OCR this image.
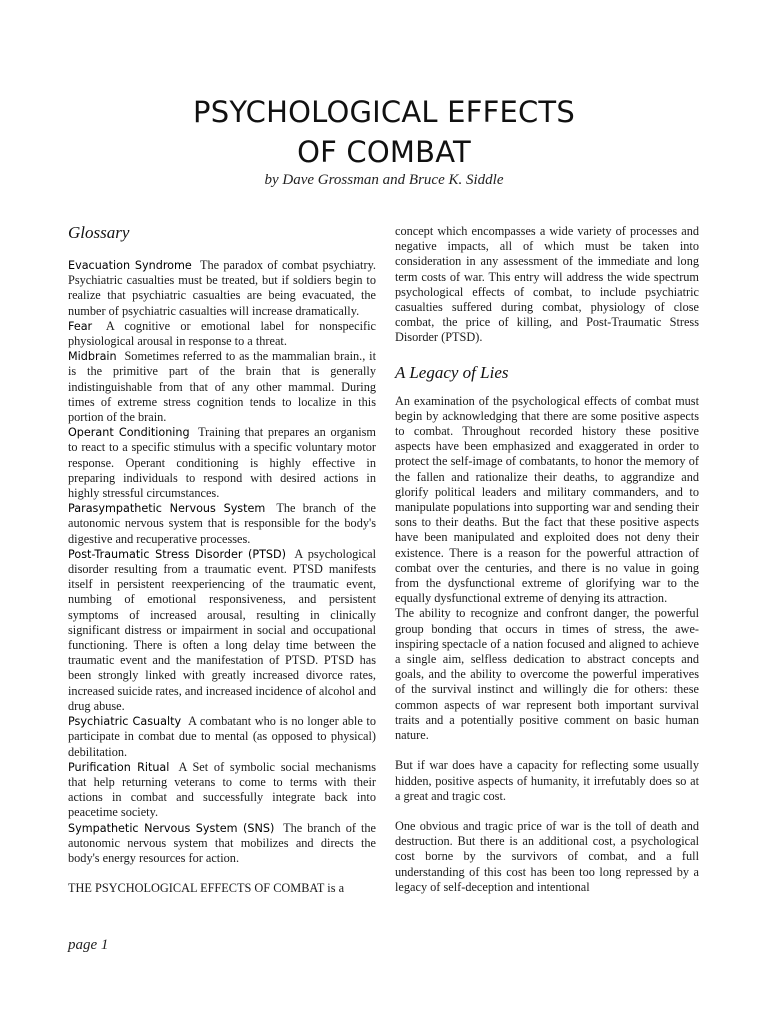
PSYCHOLOGICAL EFFECTS
OF COMBAT
by Dave Grossman and Bruce K. Siddle
Glossary

Evacuation Syndrome The paradox of combat psychiatry. Psychiatric casualties must be treated, but if soldiers begin to realize that psychiatric casualties are being evacuated, the number of psychiatric casualties will increase dramatically.

Fear A cognitive or emotional label for nonspecific physiological arousal in response to a threat.

Midbrain Sometimes referred to as the mammalian brain., it is the primitive part of the brain that is generally indistinguishable from that of any other mammal. During times of extreme stress cognition tends to localize in this portion of the brain.

Operant Conditioning Training that prepares an organism to react to a specific stimulus with a specific voluntary motor response. Operant conditioning is highly effective in preparing individuals to respond with desired actions in highly stressful circumstances.

Parasympathetic Nervous System The branch of the autonomic nervous system that is responsible for the body's digestive and recuperative processes.

Post-Traumatic Stress Disorder (PTSD) A psychological disorder resulting from a traumatic event. PTSD manifests itself in persistent reexperiencing of the traumatic event, numbing of emotional responsiveness, and persistent symptoms of increased arousal, resulting in clinically significant distress or impairment in social and occupational functioning. There is often a long delay time between the traumatic event and the manifestation of PTSD. PTSD has been strongly linked with greatly increased divorce rates, increased suicide rates, and increased incidence of alcohol and drug abuse.

Psychiatric Casualty A combatant who is no longer able to participate in combat due to mental (as opposed to physical) debilitation.

Purification Ritual A Set of symbolic social mechanisms that help returning veterans to come to terms with their actions in combat and successfully integrate back into peacetime society.

Sympathetic Nervous System (SNS) The branch of the autonomic nervous system that mobilizes and directs the body's energy resources for action.

THE PSYCHOLOGICAL EFFECTS OF COMBAT is a

concept which encompasses a wide variety of processes and negative impacts, all of which must be taken into consideration in any assessment of the immediate and long term costs of war. This entry will address the wide spectrum psychological effects of combat, to include psychiatric casualties suffered during combat, physiology of close combat, the price of killing, and Post-Traumatic Stress Disorder (PTSD).

A Legacy of Lies

An examination of the psychological effects of combat must begin by acknowledging that there are some positive aspects to combat. Throughout recorded history these positive aspects have been emphasized and exaggerated in order to protect the self-image of combatants, to honor the memory of the fallen and rationalize their deaths, to aggrandize and glorify political leaders and military commanders, and to manipulate populations into supporting war and sending their sons to their deaths. But the fact that these positive aspects have been manipulated and exploited does not deny their existence. There is a reason for the powerful attraction of combat over the centuries, and there is no value in going from the dysfunctional extreme of glorifying war to the equally dysfunctional extreme of denying its attraction.

The ability to recognize and confront danger, the powerful group bonding that occurs in times of stress, the awe-inspiring spectacle of a nation focused and aligned to achieve a single aim, selfless dedication to abstract concepts and goals, and the ability to overcome the powerful imperatives of the survival instinct and willingly die for others: these common aspects of war represent both important survival traits and a potentially positive comment on basic human nature.

But if war does have a capacity for reflecting some usually hidden, positive aspects of humanity, it irrefutably does so at a great and tragic cost.

One obvious and tragic price of war is the toll of death and destruction. But there is an additional cost, a psychological cost borne by the survivors of combat, and a full understanding of this cost has been too long repressed by a legacy of self-deception and intentional

page 1
